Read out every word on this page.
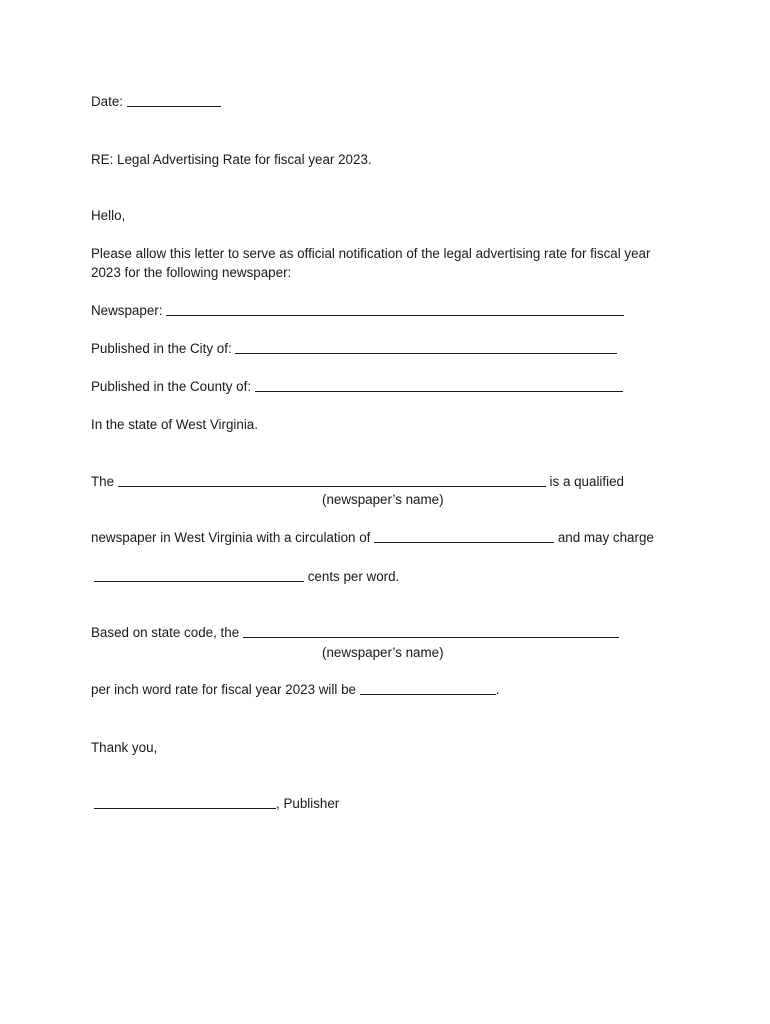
Date:
RE: Legal Advertising Rate for fiscal year 2023.
Hello,
Please allow this letter to serve as official notification of the legal advertising rate for fiscal year
2023 for the following newspaper:
Newspaper:
Published in the City of:
Published in the County of:
In the state of West Virginia.
The	is a qualified
(newspaper’s name)
newspaper in West Virginia with a circulation of	and may charge
cents per word.
Based on state code, the
(newspaper’s name)
per inch word rate for fiscal year 2023 will be	.
Thank you,
, Publisher
